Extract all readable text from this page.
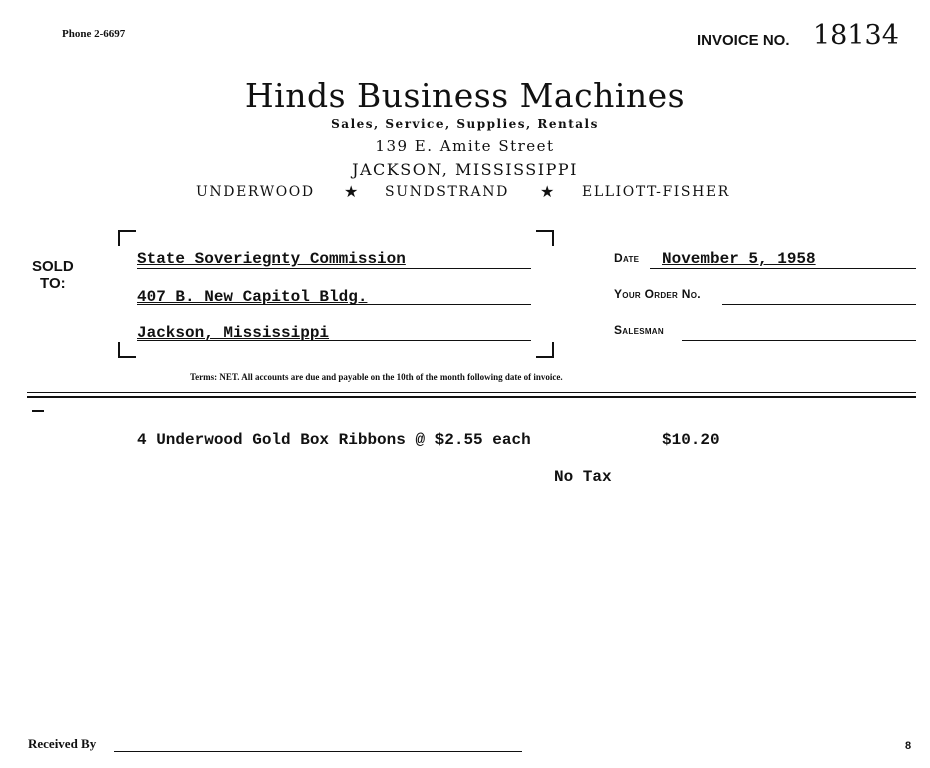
Phone 2-6697	INVOICE NO. 18134
Hinds Business Machines
Sales, Service, Supplies, Rentals
139 E. Amite Street
JACKSON, MISSISSIPPI
UNDERWOOD ★ SUNDSTRAND ★ ELLIOTT-FISHER
SOLD
TO:
State Soveriegnty Commission
407 B. New Capitol Bldg.
Jackson, Mississippi
Date November 5, 1958
Your Order No.
Salesman
Terms: NET. All accounts are due and payable on the 10th of the month following date of invoice.
4 Underwood Gold Box Ribbons @ $2.55 each	$10.20
No Tax
Received By	8
